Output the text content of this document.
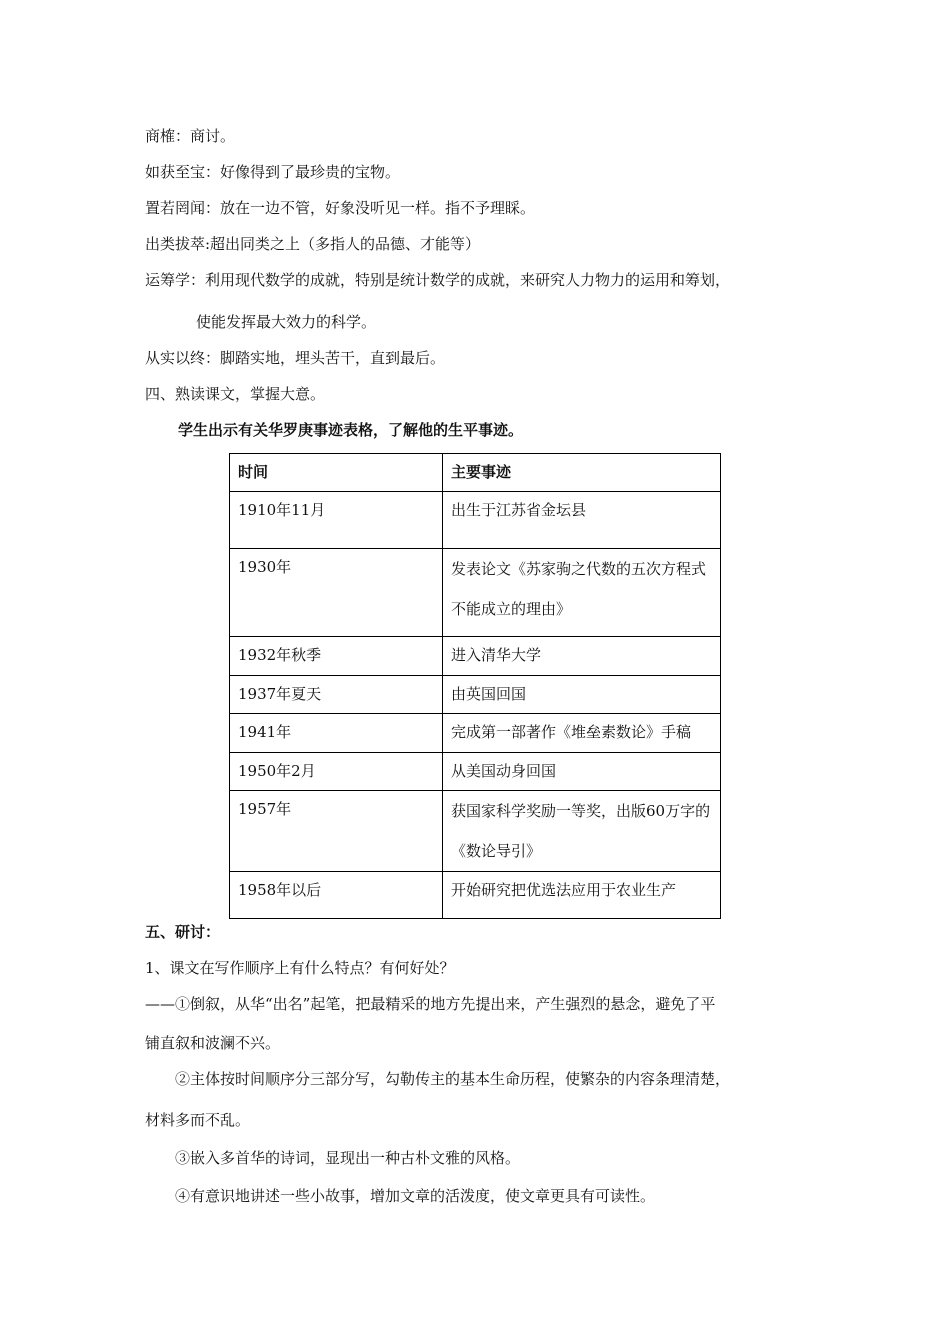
商榷：商讨。
如获至宝：好像得到了最珍贵的宝物。
置若罔闻：放在一边不管，好象没听见一样。指不予理睬。
出类拔萃:超出同类之上（多指人的品德、才能等）
运筹学：利用现代数学的成就，特别是统计数学的成就，来研究人力物力的运用和筹划，
使能发挥最大效力的科学。
从实以终：脚踏实地，埋头苦干，直到最后。
四、熟读课文，掌握大意。
学生出示有关华罗庚事迹表格，了解他的生平事迹。
时间	主要事迹
1910年11月	出生于江苏省金坛县
1930年	发表论文《苏家驹之代数的五次方程式不能成立的理由》
1932年秋季	进入清华大学
1937年夏天	由英国回国
1941年	完成第一部著作《堆垒素数论》手稿
1950年2月	从美国动身回国
1957年	获国家科学奖励一等奖，出版60万字的《数论导引》
1958年以后	开始研究把优选法应用于农业生产
五、研讨：
1、课文在写作顺序上有什么特点？有何好处？
——①倒叙，从华“出名”起笔，把最精采的地方先提出来，产生强烈的悬念，避免了平
铺直叙和波澜不兴。
②主体按时间顺序分三部分写，勾勒传主的基本生命历程，使繁杂的内容条理清楚，
材料多而不乱。
③嵌入多首华的诗词，显现出一种古朴文雅的风格。
④有意识地讲述一些小故事，增加文章的活泼度，使文章更具有可读性。
